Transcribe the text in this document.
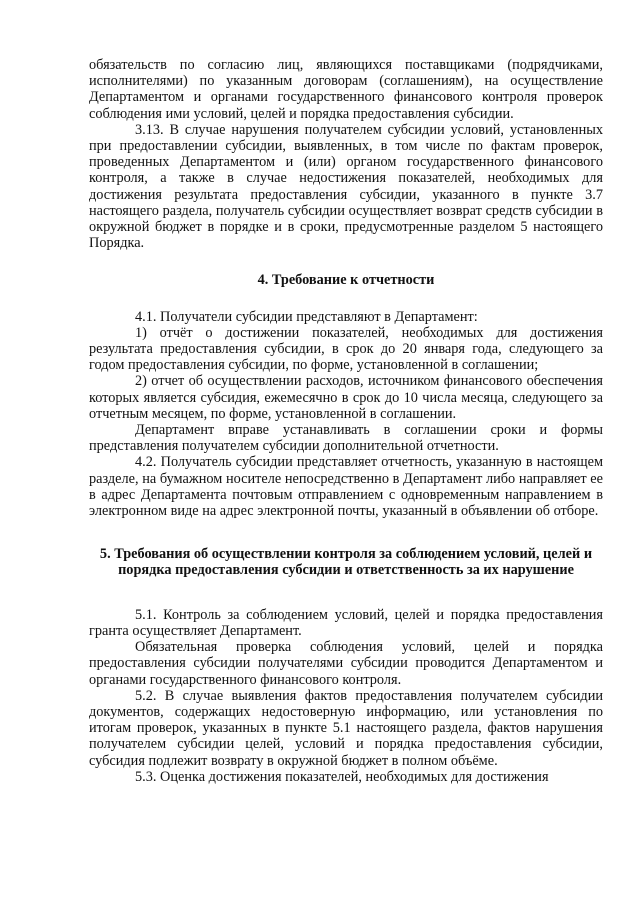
обязательств по согласию лиц, являющихся поставщиками (подрядчиками, исполнителями) по указанным договорам (соглашениям), на осуществление Департаментом и органами государственного финансового контроля проверок соблюдения ими условий, целей и порядка предоставления субсидии.

3.13. В случае нарушения получателем субсидии условий, установленных при предоставлении субсидии, выявленных, в том числе по фактам проверок, проведенных Департаментом и (или) органом государственного финансового контроля, а также в случае недостижения показателей, необходимых для достижения результата предоставления субсидии, указанного в пункте 3.7 настоящего раздела, получатель субсидии осуществляет возврат средств субсидии в окружной бюджет в порядке и в сроки, предусмотренные разделом 5 настоящего Порядка.

4. Требование к отчетности

4.1. Получатели субсидии представляют в Департамент:

1) отчёт о достижении показателей, необходимых для достижения результата предоставления субсидии, в срок до 20 января года, следующего за годом предоставления субсидии, по форме, установленной в соглашении;

2) отчет об осуществлении расходов, источником финансового обеспечения которых является субсидия, ежемесячно в срок до 10 числа месяца, следующего за отчетным месяцем, по форме, установленной в соглашении.

Департамент вправе устанавливать в соглашении сроки и формы представления получателем субсидии дополнительной отчетности.

4.2. Получатель субсидии представляет отчетность, указанную в настоящем разделе, на бумажном носителе непосредственно в Департамент либо направляет ее в адрес Департамента почтовым отправлением с одновременным направлением в электронном виде на адрес электронной почты, указанный в объявлении об отборе.

5. Требования об осуществлении контроля за соблюдением условий, целей и порядка предоставления субсидии и ответственность за их нарушение

5.1. Контроль за соблюдением условий, целей и порядка предоставления гранта осуществляет Департамент.

Обязательная проверка соблюдения условий, целей и порядка предоставления субсидии получателями субсидии проводится Департаментом и органами государственного финансового контроля.

5.2. В случае выявления фактов предоставления получателем субсидии документов, содержащих недостоверную информацию, или установления по итогам проверок, указанных в пункте 5.1 настоящего раздела, фактов нарушения получателем субсидии целей, условий и порядка предоставления субсидии, субсидия подлежит возврату в окружной бюджет в полном объёме.

5.3. Оценка достижения показателей, необходимых для достижения
